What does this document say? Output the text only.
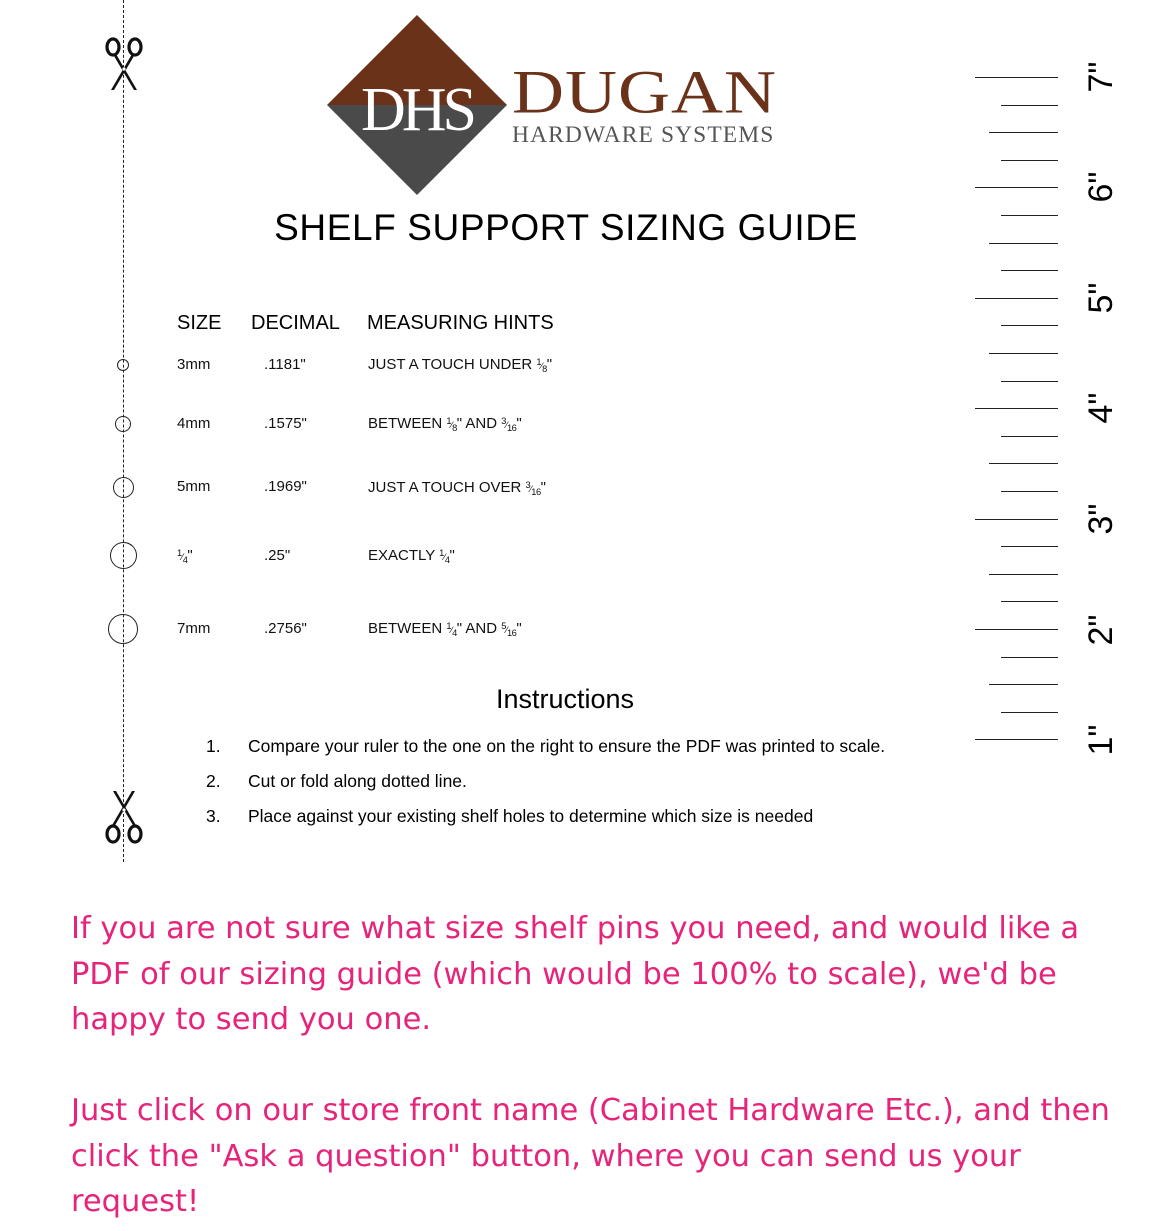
DHS DUGAN
HARDWARE SYSTEMS
SHELF SUPPORT SIZING GUIDE
SIZE DECIMAL MEASURING HINTS
3mm	.1181"	JUST A TOUCH UNDER $^1⁄_8$"
4mm	.1575"	BETWEEN $^1⁄_8$" AND $^3⁄_{16}$"
5mm	.1969"	JUST A TOUCH OVER $^3⁄_{16}$"
$^1⁄_4$"	.25"	EXACTLY $^1⁄_4$"
7mm	.2756"	BETWEEN $^1⁄_4$" AND $^5⁄_{16}$"
Instructions
1. Compare your ruler to the one on the right to ensure the PDF was printed to scale.
2. Cut or fold along dotted line.
3. Place against your existing shelf holes to determine which size is needed
7"
6"
5"
4"
3"
2"
1"
If you are not sure what size shelf pins you need, and would like a PDF of our sizing guide (which would be 100% to scale), we'd be happy to send you one.
Just click on our store front name (Cabinet Hardware Etc.), and then click the "Ask a question" button, where you can send us your request!
